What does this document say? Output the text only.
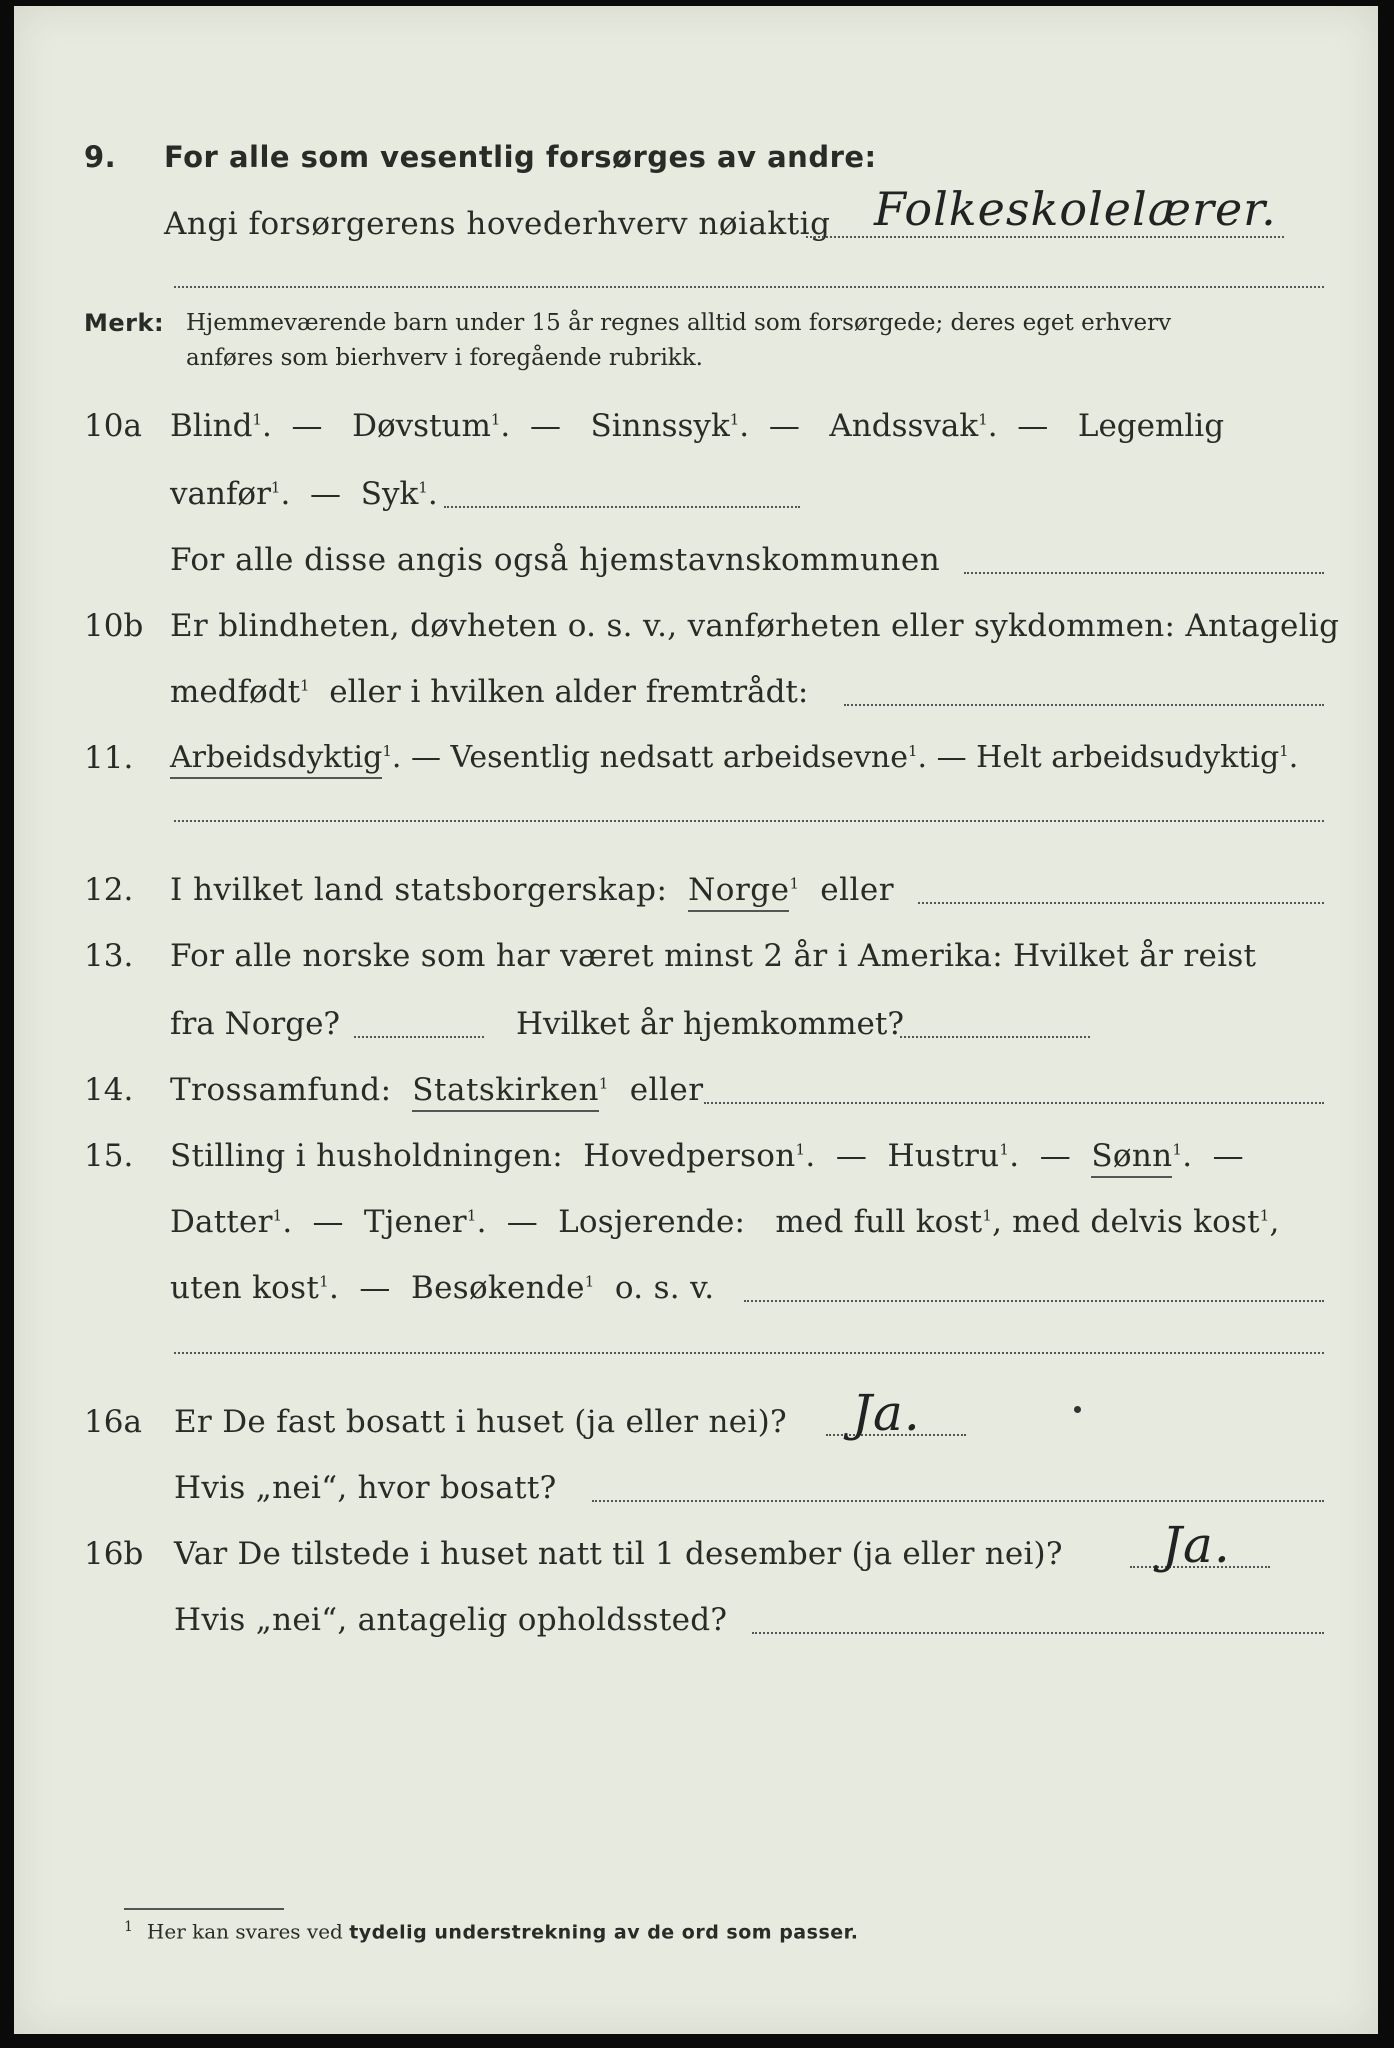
9. For alle som vesentlig forsørges av andre:
Angi forsørgerens hovederhverv nøiaktig Folkeskolelærer.
Merk: Hjemmeværende barn under 15 år regnes alltid som forsørgede; deres eget erhverv
anføres som bierhverv i foregående rubrikk.
10a Blind$^1$.  —   Døvstum$^1$.  —   Sinnssyk$^1$.  —   Andssvak$^1$.  —   Legemlig
vanfør$^1$.  —  Syk$^1$.
For alle disse angis også hjemstavnskommunen
10b Er blindheten, døvheten o. s. v., vanførheten eller sykdommen: Antagelig
medfødt$^1$ eller i hvilken alder fremtrådt:
11. Arbeidsdyktig$^1$. — Vesentlig nedsatt arbeidsevne$^1$. — Helt arbeidsudyktig$^1$.
12. I hvilket land statsborgerskap: Norge$^1$ eller
13. For alle norske som har været minst 2 år i Amerika: Hvilket år reist
fra Norge?	Hvilket år hjemkommet?
14. Trossamfund: Statskirken$^1$ eller
15. Stilling i husholdningen: Hovedperson$^1$.  —  Hustru$^1$.  —  Sønn$^1$.  —
Datter$^1$.  —  Tjener$^1$.  —  Losjerende: med full kost$^1$, med delvis kost$^1$,
uten kost$^1$.  —  Besøkende$^1$ o. s. v.
16a Er De fast bosatt i huset (ja eller nei)? Ja.
Hvis „nei“, hvor bosatt?
16b Var De tilstede i huset natt til 1 desember (ja eller nei)? Ja.
Hvis „nei“, antagelig opholdssted?
$^1$ Her kan svares ved tydelig understrekning av de ord som passer.
